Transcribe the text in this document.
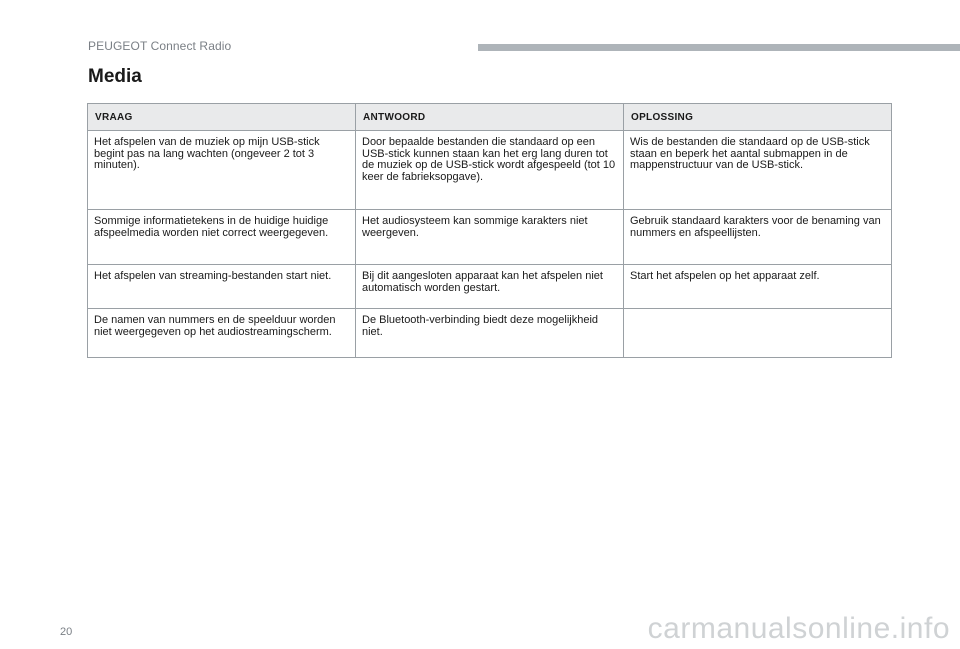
PEUGEOT Connect Radio
Media
VRAAG	ANTWOORD	OPLOSSING
Het afspelen van de muziek op mijn USB-stick begint pas na lang wachten (ongeveer 2 tot 3 minuten).	Door bepaalde bestanden die standaard op een USB-stick kunnen staan kan het erg lang duren tot de muziek op de USB-stick wordt afgespeeld (tot 10 keer de fabrieksopgave).	Wis de bestanden die standaard op de USB-stick staan en beperk het aantal submappen in de mappenstructuur van de USB-stick.
Sommige informatietekens in de huidige huidige afspeelmedia worden niet correct weergegeven.	Het audiosysteem kan sommige karakters niet weergeven.	Gebruik standaard karakters voor de benaming van nummers en afspeellijsten.
Het afspelen van streaming-bestanden start niet.	Bij dit aangesloten apparaat kan het afspelen niet automatisch worden gestart.	Start het afspelen op het apparaat zelf.
De namen van nummers en de speelduur worden niet weergegeven op het audiostreamingscherm.	De Bluetooth-verbinding biedt deze mogelijkheid niet.	
20	carmanualsonline.info
